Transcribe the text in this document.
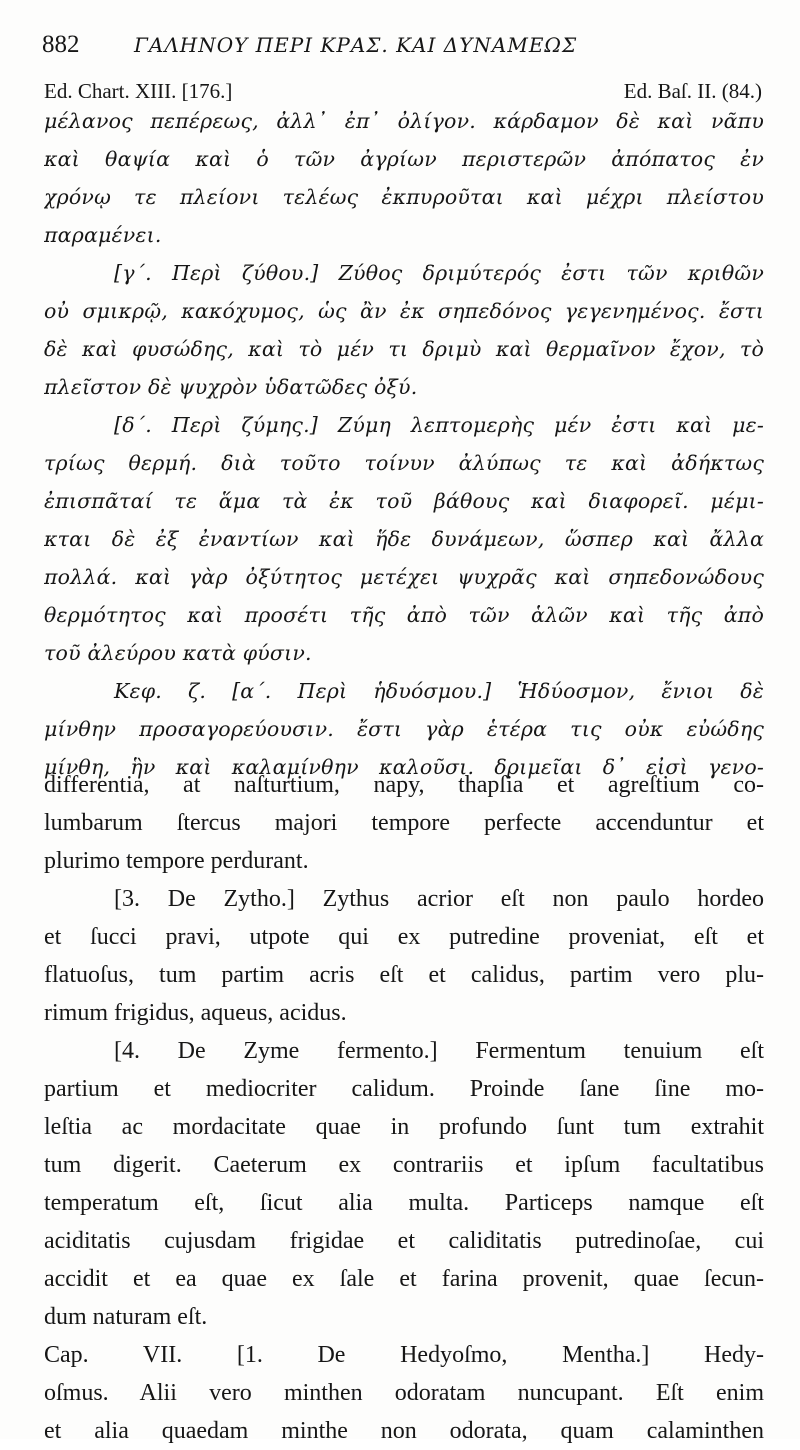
882	ΓΑΛΗΝΟΥ ΠΕΡΙ ΚΡΑΣ. ΚΑΙ ΔΥΝΑΜΕΩΣ
Ed. Chart. XIII. [176.]	Ed. Baſ. II. (84.)
μέλανος πεπέρεως, ἀλλ᾽ ἐπ᾽ ὀλίγον. κάρδαμον δὲ καὶ νᾶπυ
καὶ θαψία καὶ ὁ τῶν ἀγρίων περιστερῶν ἀπόπατος ἐν
χρόνῳ τε πλείονι τελέως ἐκπυροῦται καὶ μέχρι πλείστου
παραμένει.
[γ΄. Περὶ ζύθου.] Ζύθος δριμύτερός ἐστι τῶν κριθῶν
οὐ σμικρῷ, κακόχυμος, ὡς ἂν ἐκ σηπεδόνος γεγενημένος. ἔστι
δὲ καὶ φυσώδης, καὶ τὸ μέν τι δριμὺ καὶ θερμαῖνον ἔχον, τὸ
πλεῖστον δὲ ψυχρὸν ὑδατῶδες ὀξύ.
[δ΄. Περὶ ζύμης.] Ζύμη λεπτομερὴς μέν ἐστι καὶ με-
τρίως θερμή. διὰ τοῦτο τοίνυν ἀλύπως τε καὶ ἀδήκτως
ἐπισπᾶταί τε ἅμα τὰ ἐκ τοῦ βάθους καὶ διαφορεῖ. μέμι-
κται δὲ ἐξ ἐναντίων καὶ ἥδε δυνάμεων, ὥσπερ καὶ ἄλλα
πολλά. καὶ γὰρ ὀξύτητος μετέχει ψυχρᾶς καὶ σηπεδονώδους
θερμότητος καὶ προσέτι τῆς ἀπὸ τῶν ἁλῶν καὶ τῆς ἀπὸ
τοῦ ἀλεύρου κατὰ φύσιν.
Κεφ. ζ. [α΄. Περὶ ἡδυόσμου.] Ἡδύοσμον, ἔνιοι δὲ
μίνθην προσαγορεύουσιν. ἔστι γὰρ ἑτέρα τις οὐκ εὐώδης
μίνθη, ἣν καὶ καλαμίνθην καλοῦσι. δριμεῖαι δ᾽ εἰσὶ γενο-
differentia, at naſturtium, napy, thapſia et agreſtium co-
lumbarum ſtercus majori tempore perfecte accenduntur et
plurimo tempore perdurant.
[3. De Zytho.] Zythus acrior eſt non paulo hordeo
et ſucci pravi, utpote qui ex putredine proveniat, eſt et
flatuoſus, tum partim acris eſt et calidus, partim vero plu-
rimum frigidus, aqueus, acidus.
[4. De Zyme fermento.] Fermentum tenuium eſt
partium et mediocriter calidum. Proinde ſane ſine mo-
leſtia ac mordacitate quae in profundo ſunt tum extrahit
tum digerit. Caeterum ex contrariis et ipſum facultatibus
temperatum eſt, ſicut alia multa. Particeps namque eſt
aciditatis cujusdam frigidae et caliditatis putredinoſae, cui
accidit et ea quae ex ſale et farina provenit, quae ſecun-
dum naturam eſt.
Cap. VII. [1. De Hedyoſmo, Mentha.] Hedy-
oſmus. Alii vero minthen odoratam nuncupant. Eſt enim
et alia quaedam minthe non odorata, quam calaminthen
